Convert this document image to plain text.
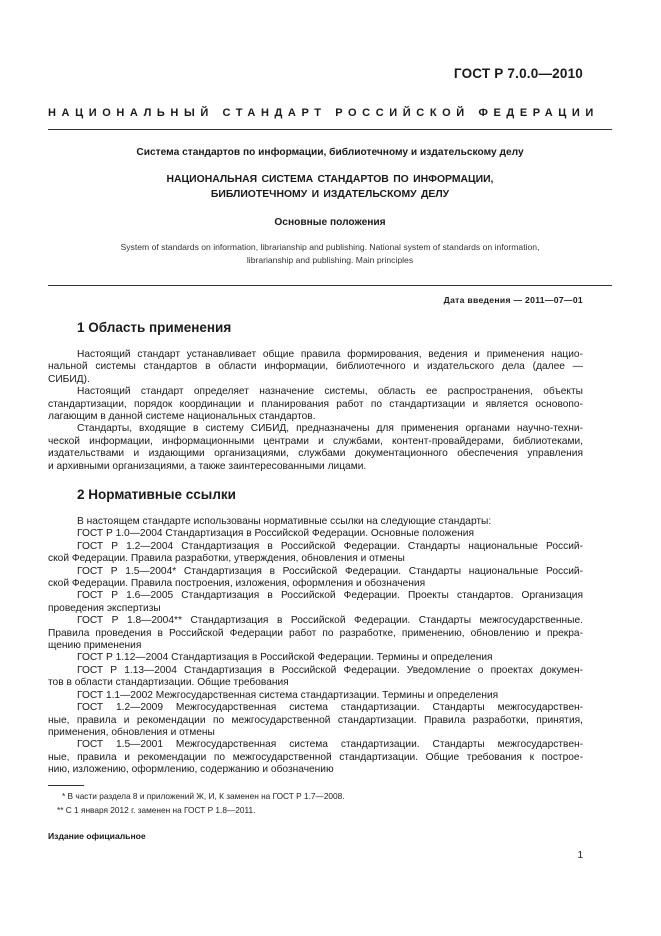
ГОСТ Р 7.0.0—2010
НАЦИОНАЛЬНЫЙ СТАНДАРТ РОССИЙСКОЙ ФЕДЕРАЦИИ
Система стандартов по информации, библиотечному и издательскому делу
НАЦИОНАЛЬНАЯ СИСТЕМА СТАНДАРТОВ ПО ИНФОРМАЦИИ,
БИБЛИОТЕЧНОМУ И ИЗДАТЕЛЬСКОМУ ДЕЛУ
Основные положения
System of standards on information, librarianship and publishing. National system of standards on information,
librarianship and publishing. Main principles
Дата введения — 2011—07—01
1 Область применения
Настоящий стандарт устанавливает общие правила формирования, ведения и применения нацио-
нальной системы стандартов в области информации, библиотечного и издательского дела (далее —
СИБИД).
Настоящий стандарт определяет назначение системы, область ее распространения, объекты
стандартизации, порядок координации и планирования работ по стандартизации и является основопо-
лагающим в данной системе национальных стандартов.
Стандарты, входящие в систему СИБИД, предназначены для применения органами научно-техни-
ческой информации, информационными центрами и службами, контент-провайдерами, библиотеками,
издательствами и издающими организациями, службами документационного обеспечения управления
и архивными организациями, а также заинтересованными лицами.
2 Нормативные ссылки
В настоящем стандарте использованы нормативные ссылки на следующие стандарты:
ГОСТ Р 1.0—2004 Стандартизация в Российской Федерации. Основные положения
ГОСТ Р 1.2—2004 Стандартизация в Российской Федерации. Стандарты национальные Россий-
ской Федерации. Правила разработки, утверждения, обновления и отмены
ГОСТ Р 1.5—2004* Стандартизация в Российской Федерации. Стандарты национальные Россий-
ской Федерации. Правила построения, изложения, оформления и обозначения
ГОСТ Р 1.6—2005 Стандартизация в Российской Федерации. Проекты стандартов. Организация
проведения экспертизы
ГОСТ Р 1.8—2004** Стандартизация в Российской Федерации. Стандарты межгосударственные.
Правила проведения в Российской Федерации работ по разработке, применению, обновлению и прекра-
щению применения
ГОСТ Р 1.12—2004 Стандартизация в Российской Федерации. Термины и определения
ГОСТ Р 1.13—2004 Стандартизация в Российской Федерации. Уведомление о проектах докумен-
тов в области стандартизации. Общие требования
ГОСТ 1.1—2002 Межгосударственная система стандартизации. Термины и определения
ГОСТ 1.2—2009 Межгосударственная система стандартизации. Стандарты межгосударствен-
ные, правила и рекомендации по межгосударственной стандартизации. Правила разработки, принятия,
применения, обновления и отмены
ГОСТ 1.5—2001 Межгосударственная система стандартизации. Стандарты межгосударствен-
ные, правила и рекомендации по межгосударственной стандартизации. Общие требования к построе-
нию, изложению, оформлению, содержанию и обозначению
* В части раздела 8 и приложений Ж, И, К заменен на ГОСТ Р 1.7—2008.
** С 1 января 2012 г. заменен на ГОСТ Р 1.8—2011.
Издание официальное
1
